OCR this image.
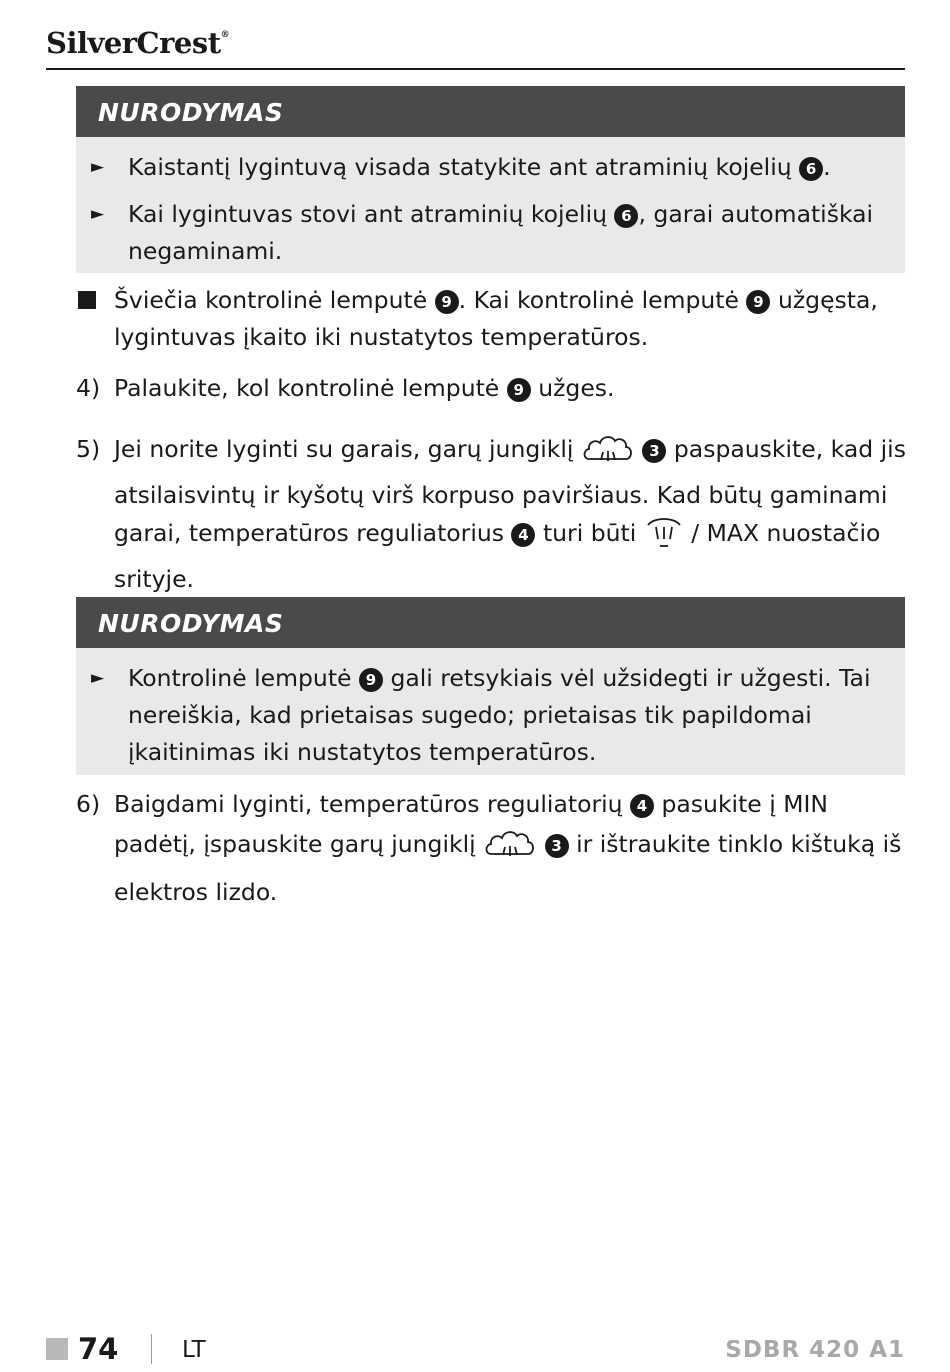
SilverCrest®
NURODYMAS
► Kaistantį lygintuvą visada statykite ant atraminių kojelių 6 .
► Kai lygintuvas stovi ant atraminių kojelių 6 , garai automatiškai negaminami.
Šviečia kontrolinė lemputė 9 . Kai kontrolinė lemputė 9 užgęsta, lygintuvas įkaito iki nustatytos temperatūros.
4) Palaukite, kol kontrolinė lemputė 9 užges.
5) Jei norite lyginti su garais, garų jungiklį	3 paspauskite, kad jis atsilaisvintų ir kyšotų virš korpuso paviršiaus. Kad būtų gaminami garai, temperatūros reguliatorius 4 turi būti  / MAX nuostačio srityje.
NURODYMAS
► Kontrolinė lemputė 9 gali retsykiais vėl užsidegti ir užgesti. Tai nereiškia, kad prietaisas sugedo; prietaisas tik papildomai įkaitinimas iki nustatytos temperatūros.
6) Baigdami lyginti, temperatūros reguliatorių 4 pasukite į MIN padėtį, įspauskite garų jungiklį	3 ir ištraukite tinklo kištuką iš elektros lizdo.
74	LT	SDBR 420 A1
